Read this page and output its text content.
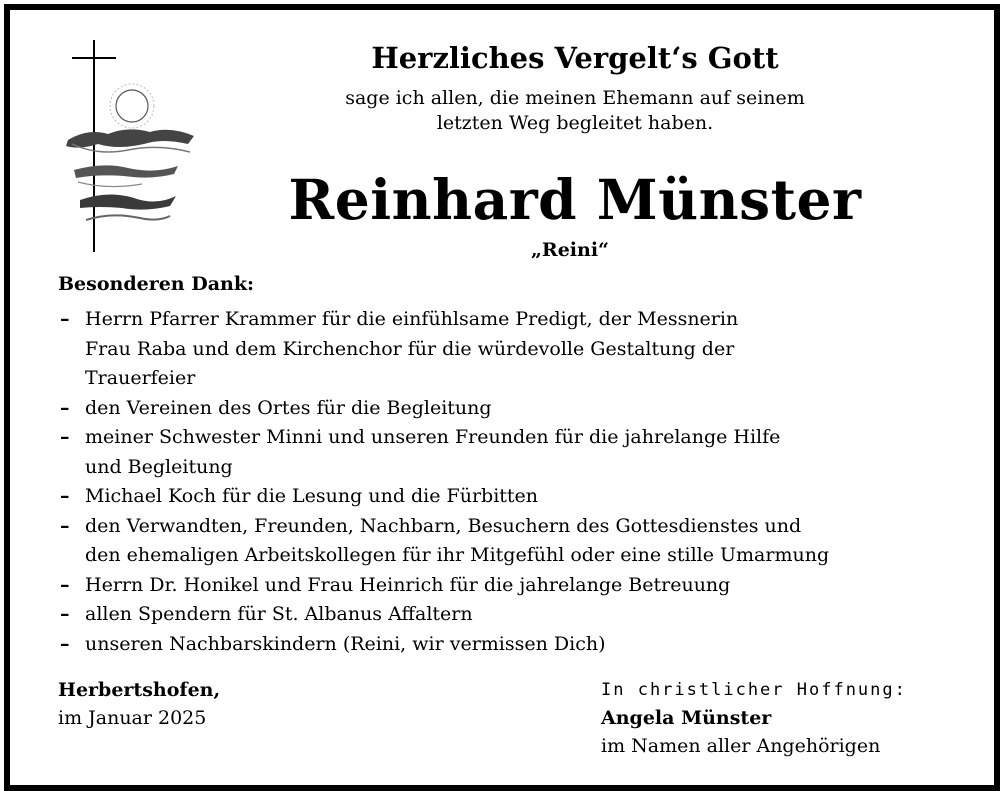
Herzliches Vergelt‘s Gott
sage ich allen, die meinen Ehemann auf seinem
letzten Weg begleitet haben.
Reinhard Münster
„Reini“
Besonderen Dank:
– Herrn Pfarrer Krammer für die einfühlsame Predigt, der Messnerin
Frau Raba und dem Kirchenchor für die würdevolle Gestaltung der
Trauerfeier
– den Vereinen des Ortes für die Begleitung
– meiner Schwester Minni und unseren Freunden für die jahrelange Hilfe
und Begleitung
– Michael Koch für die Lesung und die Fürbitten
– den Verwandten, Freunden, Nachbarn, Besuchern des Gottesdienstes und
den ehemaligen Arbeitskollegen für ihr Mitgefühl oder eine stille Umarmung
– Herrn Dr. Honikel und Frau Heinrich für die jahrelange Betreuung
– allen Spendern für St. Albanus Affaltern
– unseren Nachbarskindern (Reini, wir vermissen Dich)
Herbertshofen,
im Januar 2025
In christlicher Hoffnung:
Angela Münster
im Namen aller Angehörigen
